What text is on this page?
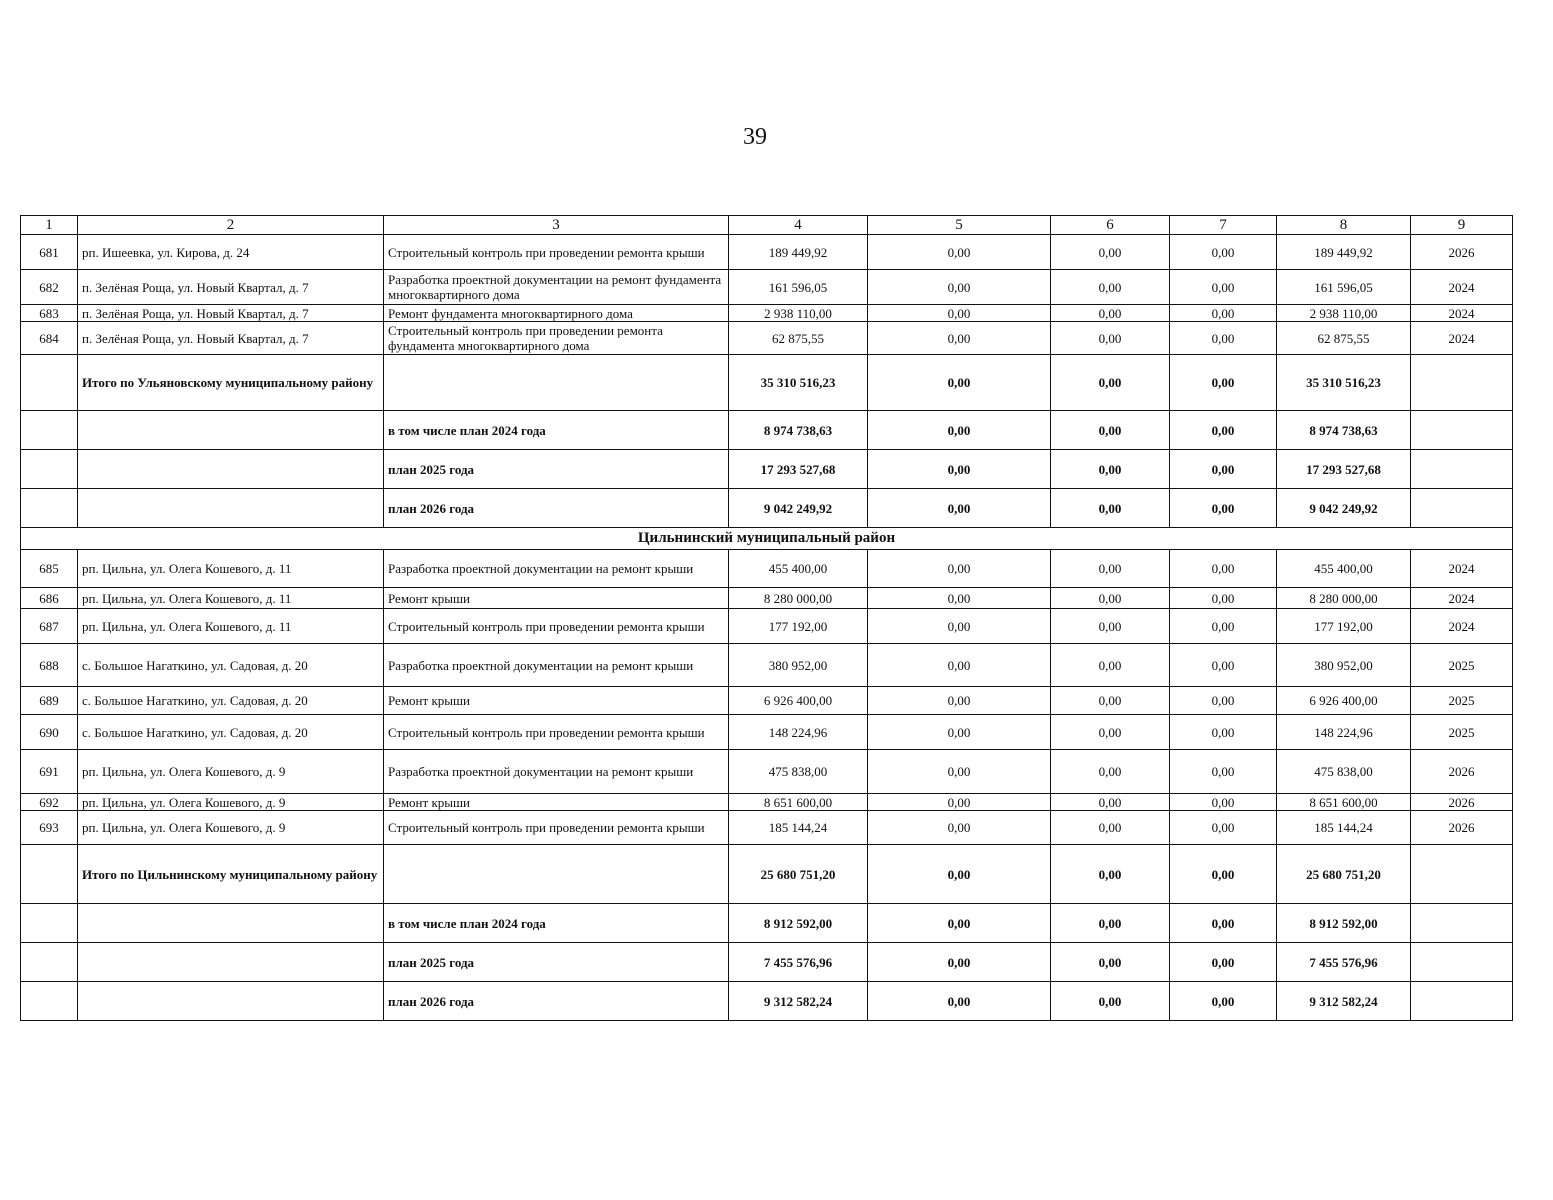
39
1	2	3	4	5	6	7	8	9
681	рп. Ишеевка, ул. Кирова, д. 24	Строительный контроль при проведении ремонта крыши	189 449,92	0,00	0,00	0,00	189 449,92	2026
682	п. Зелёная Роща, ул. Новый Квартал, д. 7	Разработка проектной документации на ремонт фундамента многоквартирного дома	161 596,05	0,00	0,00	0,00	161 596,05	2024
683	п. Зелёная Роща, ул. Новый Квартал, д. 7	Ремонт фундамента многоквартирного дома	2 938 110,00	0,00	0,00	0,00	2 938 110,00	2024
684	п. Зелёная Роща, ул. Новый Квартал, д. 7	Строительный контроль при проведении ремонта фундамента многоквартирного дома	62 875,55	0,00	0,00	0,00	62 875,55	2024
	Итого по Ульяновскому муниципальному району		35 310 516,23	0,00	0,00	0,00	35 310 516,23	
		в том числе план 2024 года	8 974 738,63	0,00	0,00	0,00	8 974 738,63	
		план 2025 года	17 293 527,68	0,00	0,00	0,00	17 293 527,68	
		план 2026 года	9 042 249,92	0,00	0,00	0,00	9 042 249,92	
Цильнинский муниципальный район								
685	рп. Цильна, ул. Олега Кошевого, д. 11	Разработка проектной документации на ремонт крыши	455 400,00	0,00	0,00	0,00	455 400,00	2024
686	рп. Цильна, ул. Олега Кошевого, д. 11	Ремонт крыши	8 280 000,00	0,00	0,00	0,00	8 280 000,00	2024
687	рп. Цильна, ул. Олега Кошевого, д. 11	Строительный контроль при проведении ремонта крыши	177 192,00	0,00	0,00	0,00	177 192,00	2024
688	с. Большое Нагаткино, ул. Садовая, д. 20	Разработка проектной документации на ремонт крыши	380 952,00	0,00	0,00	0,00	380 952,00	2025
689	с. Большое Нагаткино, ул. Садовая, д. 20	Ремонт крыши	6 926 400,00	0,00	0,00	0,00	6 926 400,00	2025
690	с. Большое Нагаткино, ул. Садовая, д. 20	Строительный контроль при проведении ремонта крыши	148 224,96	0,00	0,00	0,00	148 224,96	2025
691	рп. Цильна, ул. Олега Кошевого, д. 9	Разработка проектной документации на ремонт крыши	475 838,00	0,00	0,00	0,00	475 838,00	2026
692	рп. Цильна, ул. Олега Кошевого, д. 9	Ремонт крыши	8 651 600,00	0,00	0,00	0,00	8 651 600,00	2026
693	рп. Цильна, ул. Олега Кошевого, д. 9	Строительный контроль при проведении ремонта крыши	185 144,24	0,00	0,00	0,00	185 144,24	2026
	Итого по Цильнинскому муниципальному району		25 680 751,20	0,00	0,00	0,00	25 680 751,20	
		в том числе план 2024 года	8 912 592,00	0,00	0,00	0,00	8 912 592,00	
		план 2025 года	7 455 576,96	0,00	0,00	0,00	7 455 576,96	
		план 2026 года	9 312 582,24	0,00	0,00	0,00	9 312 582,24	
